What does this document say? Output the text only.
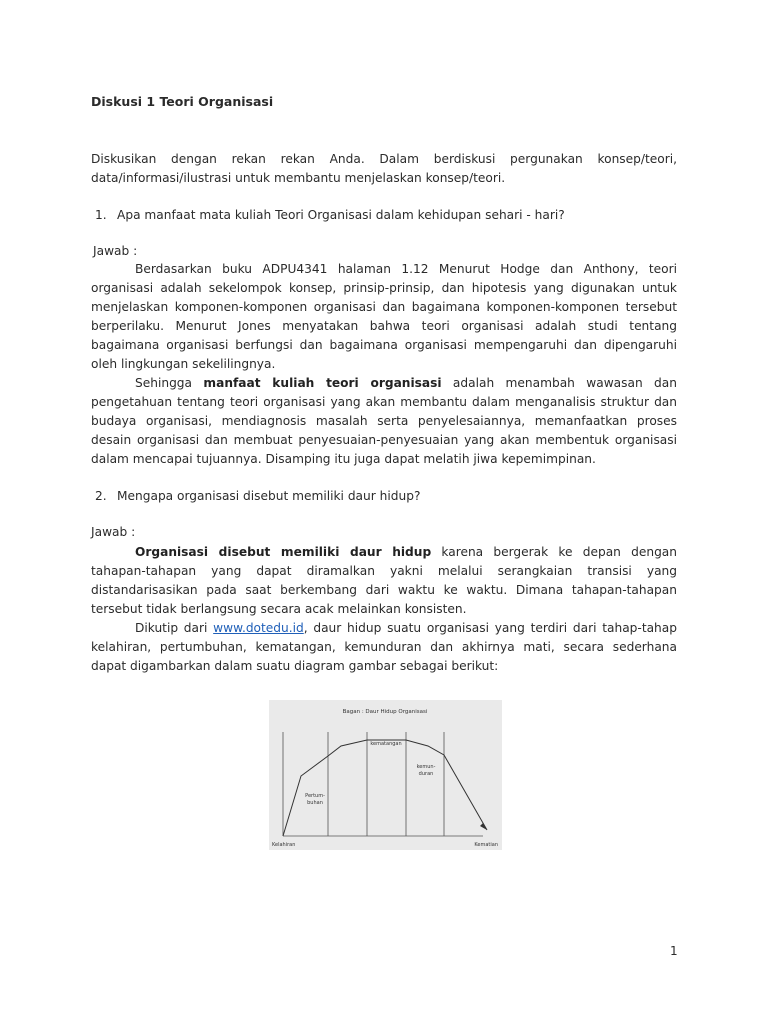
Diskusi 1 Teori Organisasi

Diskusikan dengan rekan rekan Anda. Dalam berdiskusi pergunakan konsep/teori, data/informasi/ilustrasi untuk membantu menjelaskan konsep/teori.

1. Apa manfaat mata kuliah Teori Organisasi dalam kehidupan sehari - hari?

Jawab :

Berdasarkan buku ADPU4341 halaman 1.12 Menurut Hodge dan Anthony, teori organisasi adalah sekelompok konsep, prinsip-prinsip, dan hipotesis yang digunakan untuk menjelaskan komponen-komponen organisasi dan bagaimana komponen-komponen tersebut berperilaku. Menurut Jones menyatakan bahwa teori organisasi adalah studi tentang bagaimana organisasi berfungsi dan bagaimana organisasi mempengaruhi dan dipengaruhi oleh lingkungan sekelilingnya.

Sehingga manfaat kuliah teori organisasi adalah menambah wawasan dan pengetahuan tentang teori organisasi yang akan membantu dalam menganalisis struktur dan budaya organisasi, mendiagnosis masalah serta penyelesaiannya, memanfaatkan proses desain organisasi dan membuat penyesuaian-penyesuaian yang akan membentuk organisasi dalam mencapai tujuannya. Disamping itu juga dapat melatih jiwa kepemimpinan.

2. Mengapa organisasi disebut memiliki daur hidup?

Jawab :

Organisasi disebut memiliki daur hidup karena bergerak ke depan dengan tahapan-tahapan yang dapat diramalkan yakni melalui serangkaian transisi yang distandarisasikan pada saat berkembang dari waktu ke waktu. Dimana tahapan-tahapan tersebut tidak berlangsung secara acak melainkan konsisten.

Dikutip dari www.dotedu.id, daur hidup suatu organisasi yang terdiri dari tahap-tahap kelahiran, pertumbuhan, kematangan, kemunduran dan akhirnya mati, secara sederhana dapat digambarkan dalam suatu diagram gambar sebagai berikut:

Bagan : Daur Hidup Organisasi
kematangan
kemun-
duran
Pertum-
buhan
Kelahiran	Kematian

1
